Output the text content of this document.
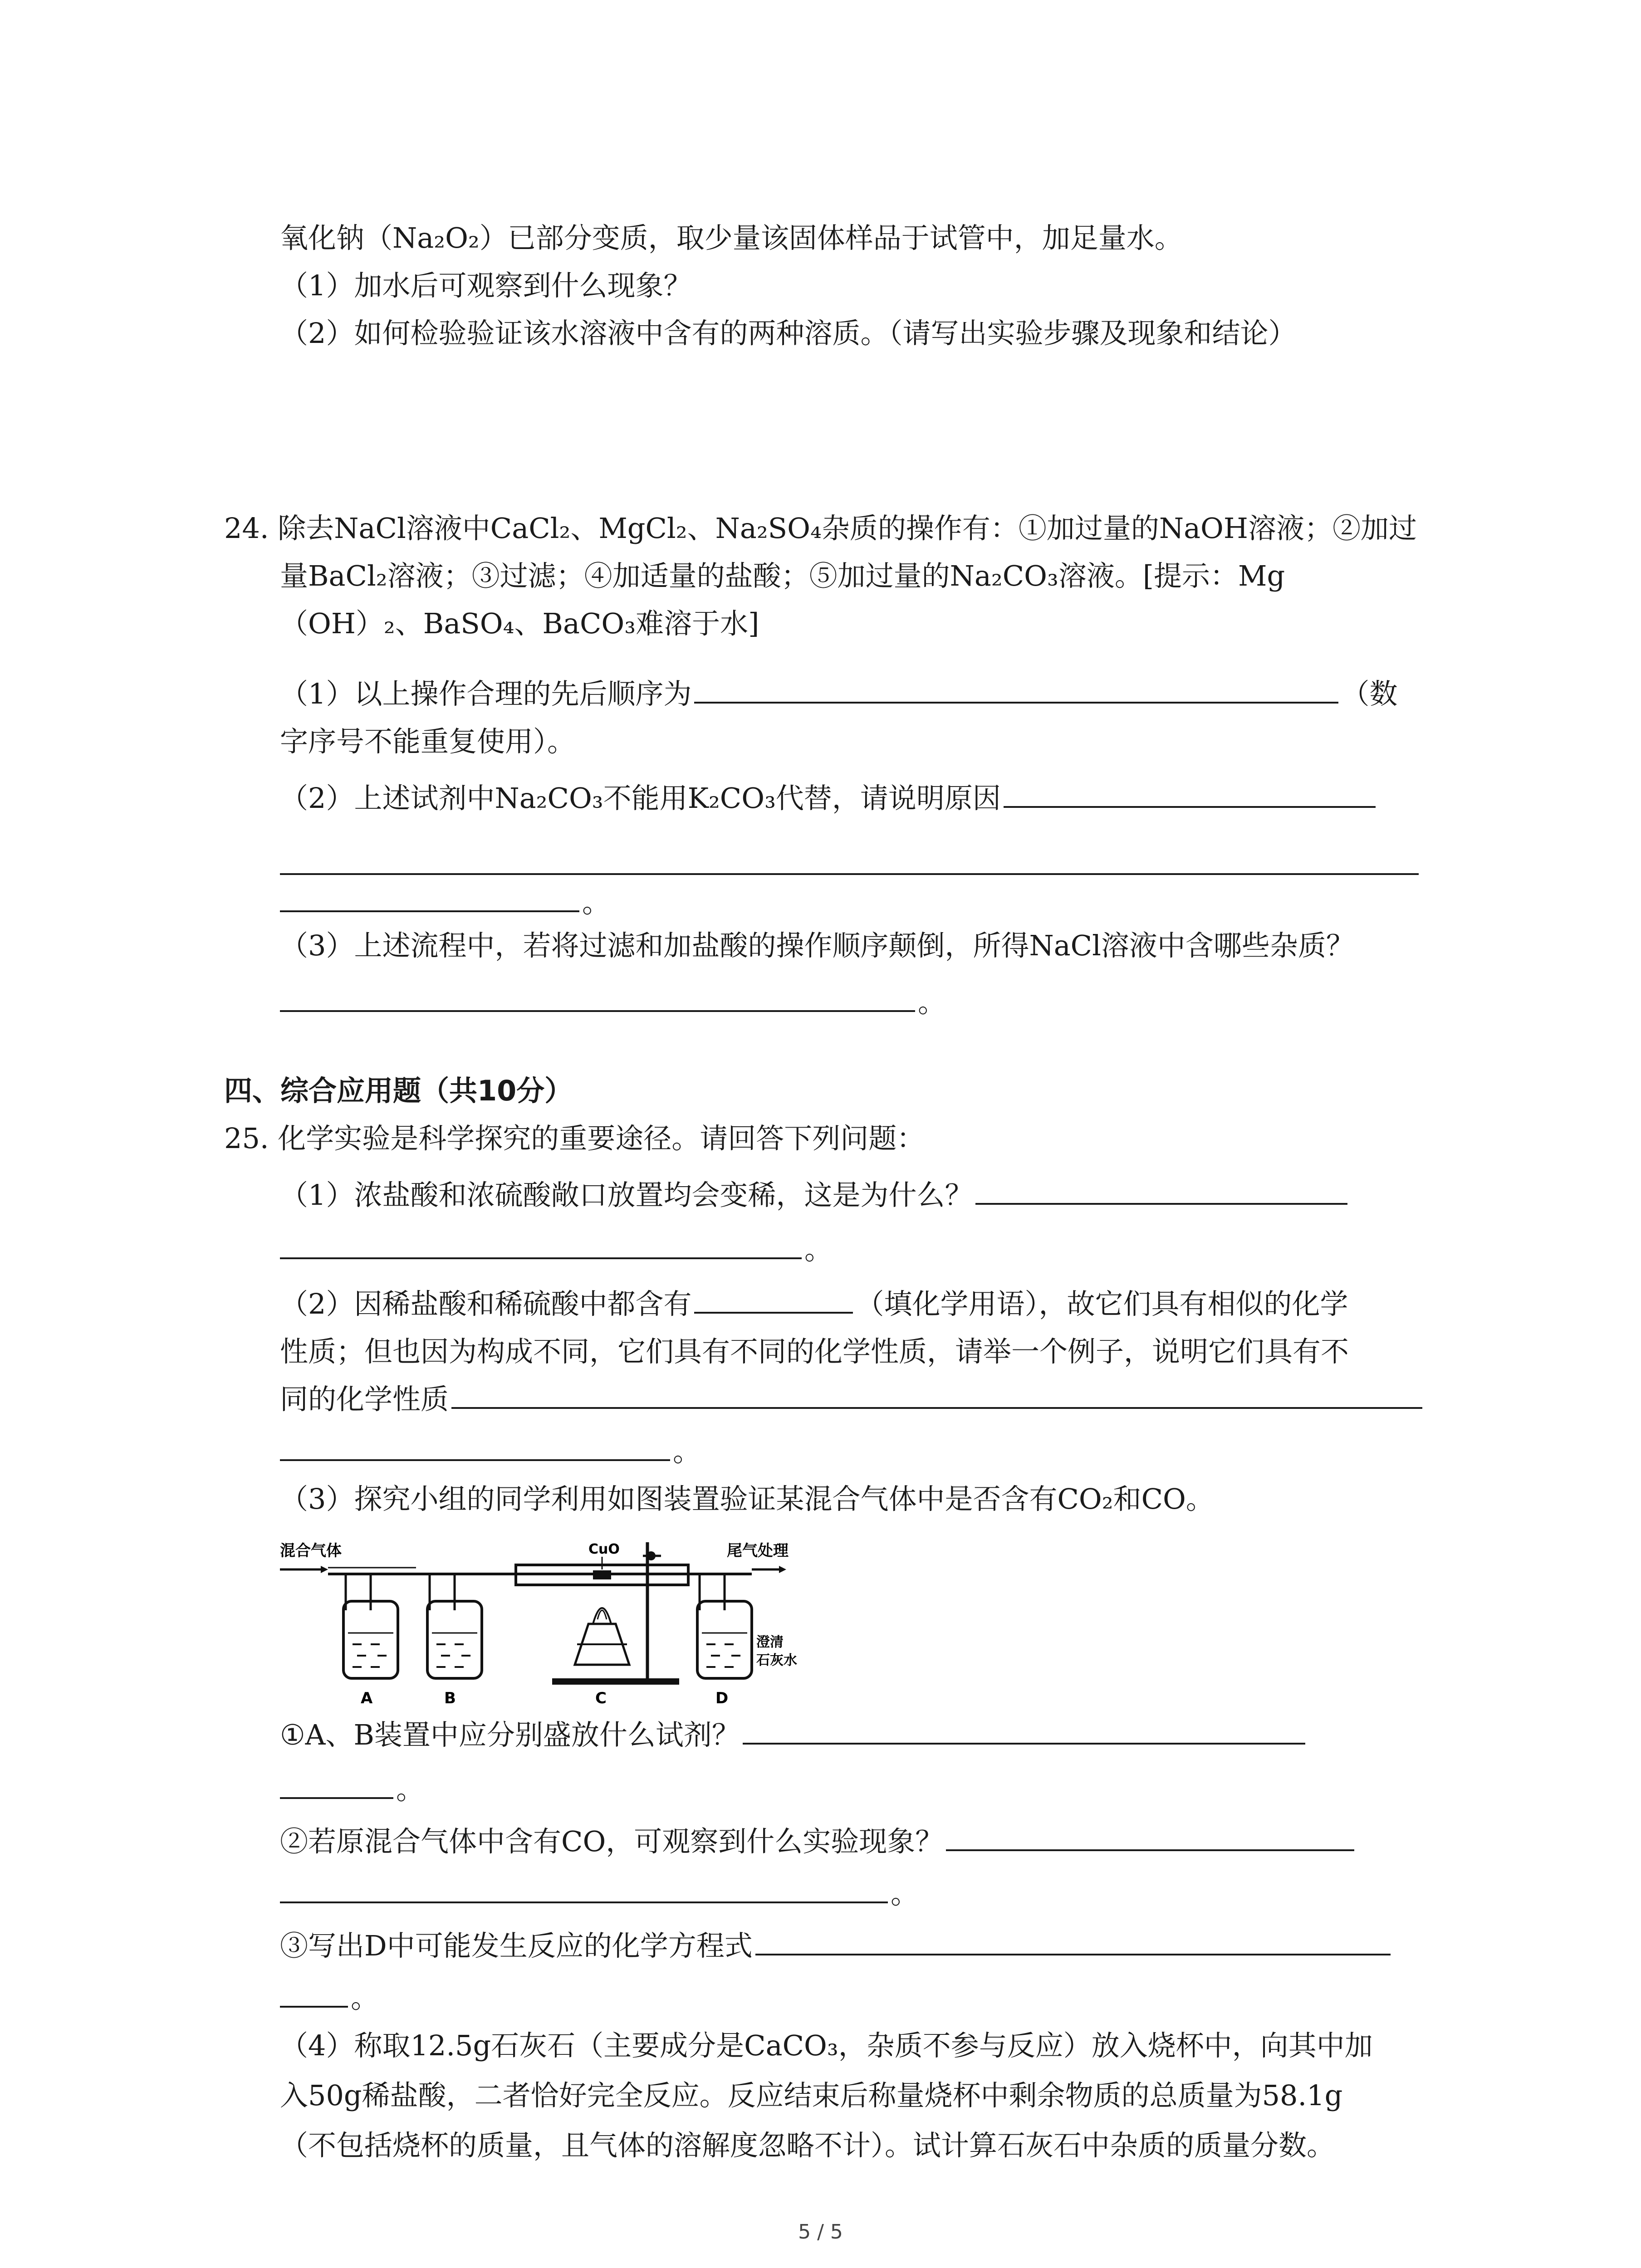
氧化钠（Na₂O₂）已部分变质，取少量该固体样品于试管中，加足量水。
（1）加水后可观察到什么现象？
（2）如何检验验证该水溶液中含有的两种溶质。（请写出实验步骤及现象和结论）
24. 除去NaCl溶液中CaCl₂、MgCl₂、Na₂SO₄杂质的操作有：①加过量的NaOH溶液；②加过
量BaCl₂溶液；③过滤；④加适量的盐酸；⑤加过量的Na₂CO₃溶液。[提示：Mg
（OH）₂、BaSO₄、BaCO₃难溶于水]
（1）以上操作合理的先后顺序为	（数
字序号不能重复使用）。
（2）上述试剂中Na₂CO₃不能用K₂CO₃代替，请说明原因
。
（3）上述流程中，若将过滤和加盐酸的操作顺序颠倒，所得NaCl溶液中含哪些杂质？
。
四、综合应用题（共10分）
25. 化学实验是科学探究的重要途径。请回答下列问题：
（1）浓盐酸和浓硫酸敞口放置均会变稀，这是为什么？
。
（2）因稀盐酸和稀硫酸中都含有	（填化学用语），故它们具有相似的化学
性质；但也因为构成不同，它们具有不同的化学性质，请举一个例子，说明它们具有不
同的化学性质
。
（3）探究小组的同学利用如图装置验证某混合气体中是否含有CO₂和CO。
混合气体
A	B
CuO
C
尾气处理
澄清
石灰水
D
①A、B装置中应分别盛放什么试剂？
。
②若原混合气体中含有CO，可观察到什么实验现象？
。
③写出D中可能发生反应的化学方程式
。
（4）称取12.5g石灰石（主要成分是CaCO₃，杂质不参与反应）放入烧杯中，向其中加
入50g稀盐酸，二者恰好完全反应。反应结束后称量烧杯中剩余物质的总质量为58.1g
（不包括烧杯的质量，且气体的溶解度忽略不计）。试计算石灰石中杂质的质量分数。
5 / 5
